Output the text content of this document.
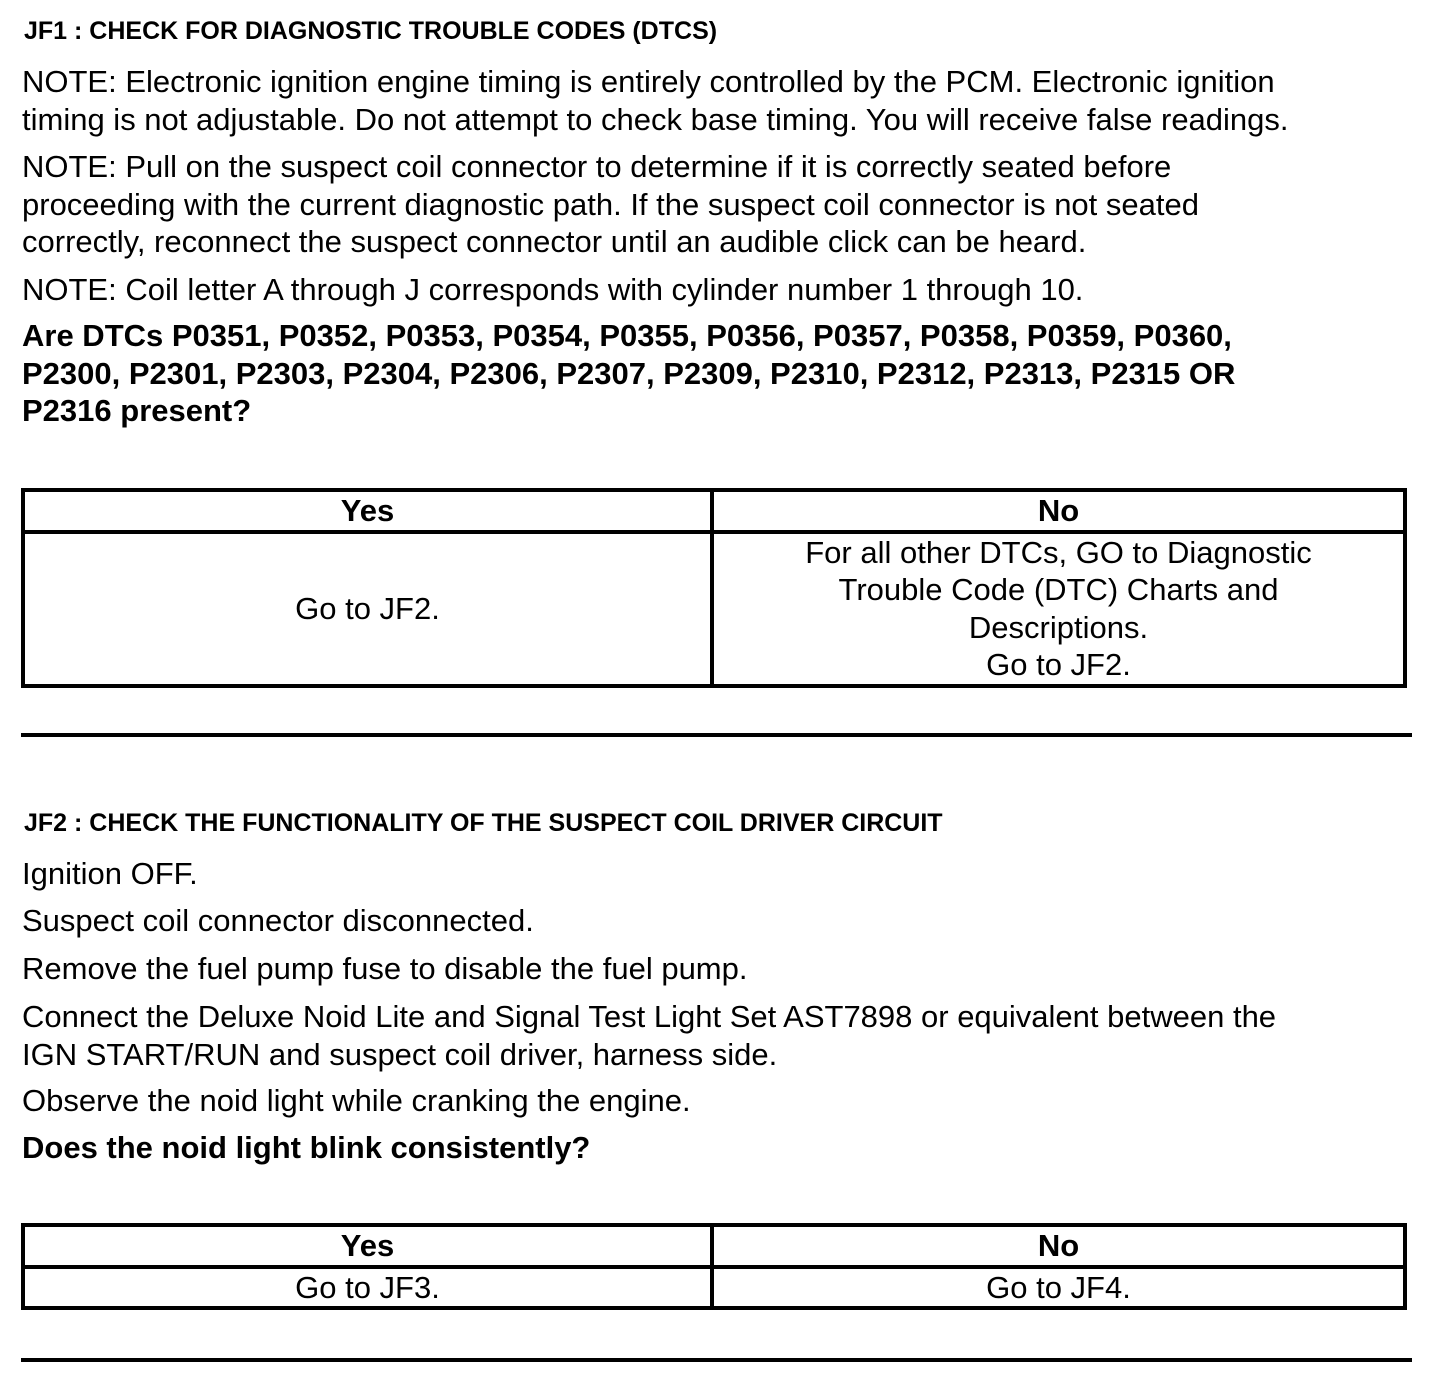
JF1 : CHECK FOR DIAGNOSTIC TROUBLE CODES (DTCS)
NOTE: Electronic ignition engine timing is entirely controlled by the PCM. Electronic ignition
timing is not adjustable. Do not attempt to check base timing. You will receive false readings.
NOTE: Pull on the suspect coil connector to determine if it is correctly seated before
proceeding with the current diagnostic path. If the suspect coil connector is not seated
correctly, reconnect the suspect connector until an audible click can be heard.
NOTE: Coil letter A through J corresponds with cylinder number 1 through 10.
Are DTCs P0351, P0352, P0353, P0354, P0355, P0356, P0357, P0358, P0359, P0360,
P2300, P2301, P2303, P2304, P2306, P2307, P2309, P2310, P2312, P2313, P2315 OR
P2316 present?
Yes	No
Go to JF2.	For all other DTCs, GO to Diagnostic
Trouble Code (DTC) Charts and
Descriptions.
Go to JF2.
JF2 : CHECK THE FUNCTIONALITY OF THE SUSPECT COIL DRIVER CIRCUIT
Ignition OFF.
Suspect coil connector disconnected.
Remove the fuel pump fuse to disable the fuel pump.
Connect the Deluxe Noid Lite and Signal Test Light Set AST7898 or equivalent between the
IGN START/RUN and suspect coil driver, harness side.
Observe the noid light while cranking the engine.
Does the noid light blink consistently?
Yes	No
Go to JF3.	Go to JF4.
